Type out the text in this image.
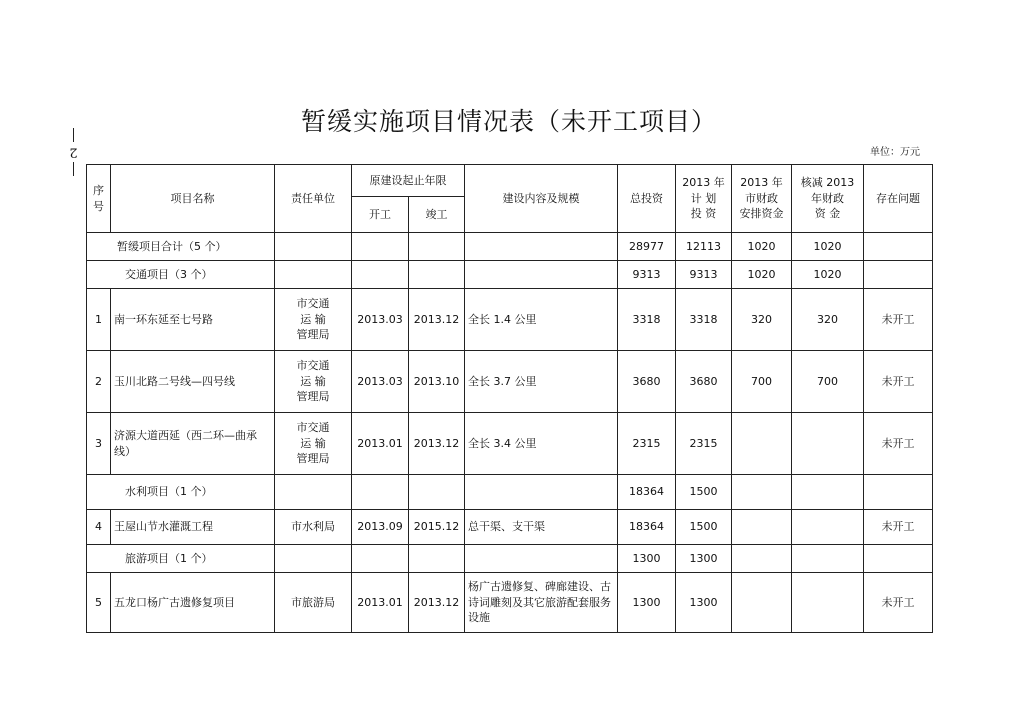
2
暂缓实施项目情况表（未开工项目）
单位：万元
序号	项目名称	责任单位	原建设起止年限		建设内容及规模	总投资	2013 年
计 划
投 资	2013 年
市财政
安排资金	核减 2013
年财政
资 金	存在问题
			开工	竣工						
暂缓项目合计（5 个）						28977	12113	1020	1020	
交通项目（3 个）						9313	9313	1020	1020	
1	南一环东延至七号路	市交通
运 输
管理局	2013.03	2013.12	全长 1.4 公里	3318	3318	320	320	未开工
2	玉川北路二号线—四号线	市交通
运 输
管理局	2013.03	2013.10	全长 3.7 公里	3680	3680	700	700	未开工
3	济源大道西延（西二环—曲承线）	市交通
运 输
管理局	2013.01	2013.12	全长 3.4 公里	2315	2315			未开工
水利项目（1 个）						18364	1500			
4	王屋山节水灌溉工程	市水利局	2013.09	2015.12	总干渠、支干渠	18364	1500			未开工
旅游项目（1 个）						1300	1300			
5	五龙口杨广古遗修复项目	市旅游局	2013.01	2013.12	杨广古遗修复、碑廊建设、古诗词雕刻及其它旅游配套服务设施	1300	1300			未开工
